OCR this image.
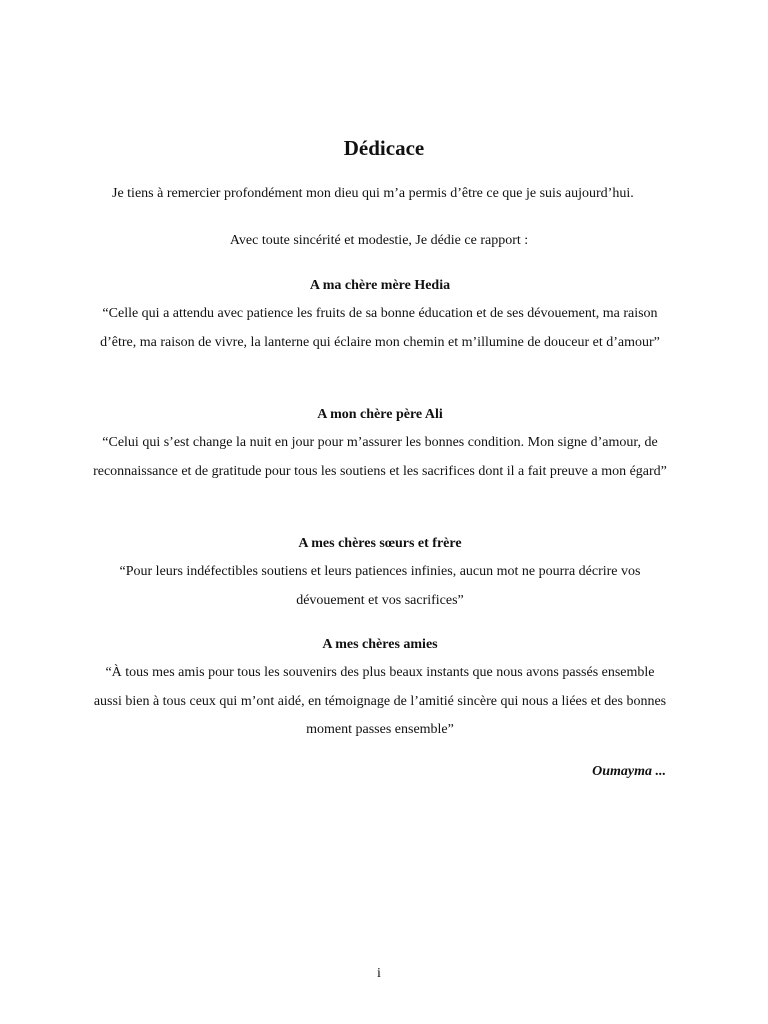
Dédicace

Je tiens à remercier profondément mon dieu qui m’a permis d’être ce que je suis aujourd’hui.

Avec toute sincérité et modestie, Je dédie ce rapport :

A ma chère mère Hedia

“Celle qui a attendu avec patience les fruits de sa bonne éducation et de ses dévouement, ma raison d’être, ma raison de vivre, la lanterne qui éclaire mon chemin et m’illumine de douceur et d’amour”

A mon chère père Ali

“Celui qui s’est change la nuit en jour pour m’assurer les bonnes condition. Mon signe d’amour, de reconnaissance et de gratitude pour tous les soutiens et les sacrifices dont il a fait preuve a mon égard”

A mes chères sœurs et frère

“Pour leurs indéfectibles soutiens et leurs patiences infinies, aucun mot ne pourra décrire vos dévouement et vos sacrifices”

A mes chères amies

“À tous mes amis pour tous les souvenirs des plus beaux instants que nous avons passés ensemble aussi bien à tous ceux qui m’ont aidé, en témoignage de l’amitié sincère qui nous a liées et des bonnes moment passes ensemble”

Oumayma ...

i
